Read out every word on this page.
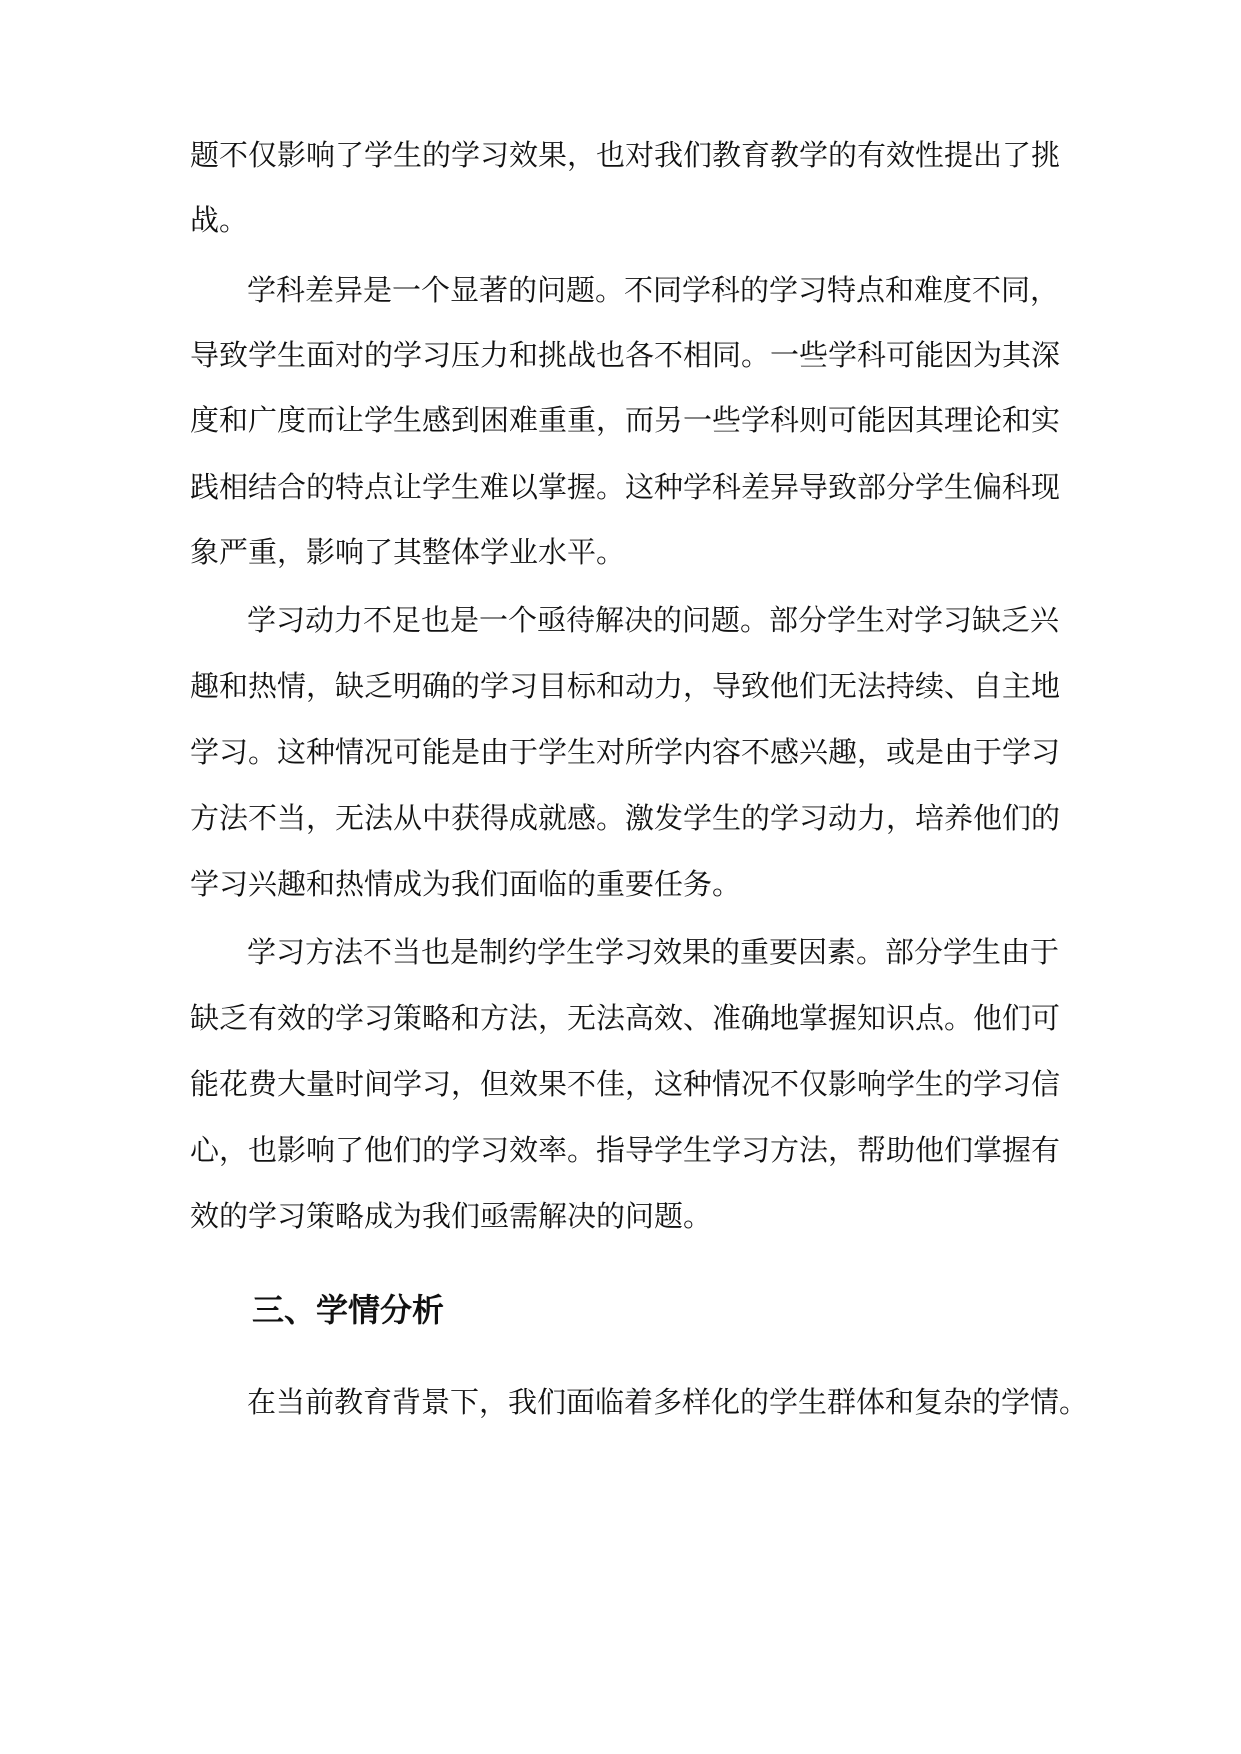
题不仅影响了学生的学习效果，也对我们教育教学的有效性提出了挑
战。
学科差异是一个显著的问题。不同学科的学习特点和难度不同，
导致学生面对的学习压力和挑战也各不相同。一些学科可能因为其深
度和广度而让学生感到困难重重，而另一些学科则可能因其理论和实
践相结合的特点让学生难以掌握。这种学科差异导致部分学生偏科现
象严重，影响了其整体学业水平。
学习动力不足也是一个亟待解决的问题。部分学生对学习缺乏兴
趣和热情，缺乏明确的学习目标和动力，导致他们无法持续、自主地
学习。这种情况可能是由于学生对所学内容不感兴趣，或是由于学习
方法不当，无法从中获得成就感。激发学生的学习动力，培养他们的
学习兴趣和热情成为我们面临的重要任务。
学习方法不当也是制约学生学习效果的重要因素。部分学生由于
缺乏有效的学习策略和方法，无法高效、准确地掌握知识点。他们可
能花费大量时间学习，但效果不佳，这种情况不仅影响学生的学习信
心，也影响了他们的学习效率。指导学生学习方法，帮助他们掌握有
效的学习策略成为我们亟需解决的问题。
三、学情分析
在当前教育背景下，我们面临着多样化的学生群体和复杂的学情。
